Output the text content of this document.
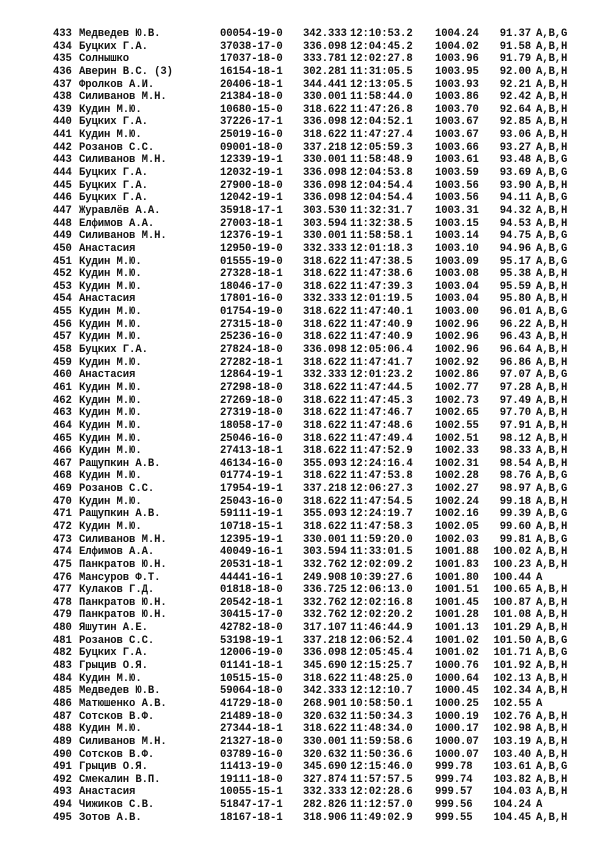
433 Медведев Ю.В.	00054-19-0 342.333 12:10:53.2 1004.24	91.37 A,B,G
434 Буцких Г.А.	37038-17-0 336.098 12:04:45.2 1004.02	91.58 A,B,H
435 Солнышко	17037-18-0 333.781 12:02:27.8 1003.96	91.79 A,B,H
436 Аверин В.С. (3)	16154-18-1 302.281 11:31:05.5 1003.95	92.00 A,B,H
437 Фролков А.И.	20406-18-1 344.441 12:13:05.5 1003.93	92.21 A,B,H
438 Силиванов М.Н.	21384-18-0 330.001 11:58:44.0 1003.86	92.42 A,B,H
439 Кудин М.Ю.	10680-15-0 318.622 11:47:26.8 1003.70	92.64 A,B,H
440 Буцких Г.А.	37226-17-1 336.098 12:04:52.1 1003.67	92.85 A,B,H
441 Кудин М.Ю.	25019-16-0 318.622 11:47:27.4 1003.67	93.06 A,B,H
442 Розанов С.С.	09001-18-0 337.218 12:05:59.3 1003.66	93.27 A,B,H
443 Силиванов М.Н.	12339-19-1 330.001 11:58:48.9 1003.61	93.48 A,B,G
444 Буцких Г.А.	12032-19-1 336.098 12:04:53.8 1003.59	93.69 A,B,G
445 Буцких Г.А.	27900-18-0 336.098 12:04:54.4 1003.56	93.90 A,B,H
446 Буцких Г.А.	12042-19-1 336.098 12:04:54.4 1003.56	94.11 A,B,G
447 Журавлёв А.А.	35918-17-1 303.530 11:32:31.7 1003.31	94.32 A,B,H
448 Елфимов А.А.	27003-18-1 303.594 11:32:38.5 1003.15	94.53 A,B,H
449 Силиванов М.Н.	12376-19-1 330.001 11:58:58.1 1003.14	94.75 A,B,G
450 Анастасия	12950-19-0 332.333 12:01:18.3 1003.10	94.96 A,B,G
451 Кудин М.Ю.	01555-19-0 318.622 11:47:38.5 1003.09	95.17 A,B,G
452 Кудин М.Ю.	27328-18-1 318.622 11:47:38.6 1003.08	95.38 A,B,H
453 Кудин М.Ю.	18046-17-0 318.622 11:47:39.3 1003.04	95.59 A,B,H
454 Анастасия	17801-16-0 332.333 12:01:19.5 1003.04	95.80 A,B,H
455 Кудин М.Ю.	01754-19-0 318.622 11:47:40.1 1003.00	96.01 A,B,G
456 Кудин М.Ю.	27315-18-0 318.622 11:47:40.9 1002.96	96.22 A,B,H
457 Кудин М.Ю.	25236-16-0 318.622 11:47:40.9 1002.96	96.43 A,B,H
458 Буцких Г.А.	27824-18-0 336.098 12:05:06.4 1002.96	96.64 A,B,H
459 Кудин М.Ю.	27282-18-1 318.622 11:47:41.7 1002.92	96.86 A,B,H
460 Анастасия	12864-19-1 332.333 12:01:23.2 1002.86	97.07 A,B,G
461 Кудин М.Ю.	27298-18-0 318.622 11:47:44.5 1002.77	97.28 A,B,H
462 Кудин М.Ю.	27269-18-0 318.622 11:47:45.3 1002.73	97.49 A,B,H
463 Кудин М.Ю.	27319-18-0 318.622 11:47:46.7 1002.65	97.70 A,B,H
464 Кудин М.Ю.	18058-17-0 318.622 11:47:48.6 1002.55	97.91 A,B,H
465 Кудин М.Ю.	25046-16-0 318.622 11:47:49.4 1002.51	98.12 A,B,H
466 Кудин М.Ю.	27413-18-1 318.622 11:47:52.9 1002.33	98.33 A,B,H
467 Ращупкин А.В.	46134-16-0 355.093 12:24:16.4 1002.31	98.54 A,B,H
468 Кудин М.Ю.	01774-19-1 318.622 11:47:53.8 1002.28	98.76 A,B,G
469 Розанов С.С.	17954-19-1 337.218 12:06:27.3 1002.27	98.97 A,B,G
470 Кудин М.Ю.	25043-16-0 318.622 11:47:54.5 1002.24	99.18 A,B,H
471 Ращупкин А.В.	59111-19-1 355.093 12:24:19.7 1002.16	99.39 A,B,G
472 Кудин М.Ю.	10718-15-1 318.622 11:47:58.3 1002.05	99.60 A,B,H
473 Силиванов М.Н.	12395-19-1 330.001 11:59:20.0 1002.03	99.81 A,B,G
474 Елфимов А.А.	40049-16-1 303.594 11:33:01.5 1001.88	100.02 A,B,H
475 Панкратов Ю.Н.	20531-18-1 332.762 12:02:09.2 1001.83	100.23 A,B,H
476 Мансуров Ф.Т.	44441-16-1 249.908 10:39:27.6 1001.80	100.44 A
477 Кулаков Г.Д.	01818-18-0 336.725 12:06:13.0 1001.51	100.65 A,B,H
478 Панкратов Ю.Н.	20542-18-1 332.762 12:02:16.8 1001.45	100.87 A,B,H
479 Панкратов Ю.Н.	30415-17-0 332.762 12:02:20.2 1001.28	101.08 A,B,H
480 Яшутин А.Е.	42782-18-0 317.107 11:46:44.9 1001.13	101.29 A,B,H
481 Розанов С.С.	53198-19-1 337.218 12:06:52.4 1001.02	101.50 A,B,G
482 Буцких Г.А.	12006-19-0 336.098 12:05:45.4 1001.02	101.71 A,B,G
483 Грыцив О.Я.	01141-18-1 345.690 12:15:25.7 1000.76	101.92 A,B,H
484 Кудин М.Ю.	10515-15-0 318.622 11:48:25.0 1000.64	102.13 A,B,H
485 Медведев Ю.В.	59064-18-0 342.333 12:12:10.7 1000.45	102.34 A,B,H
486 Матюшенко А.В.	41729-18-0 268.901 10:58:50.1 1000.25	102.55 A
487 Сотсков В.Ф.	21489-18-0 320.632 11:50:34.3 1000.19	102.76 A,B,H
488 Кудин М.Ю.	27344-18-1 318.622 11:48:34.0 1000.17	102.98 A,B,H
489 Силиванов М.Н.	21327-18-0 330.001 11:59:58.6 1000.07	103.19 A,B,H
490 Сотсков В.Ф.	03789-16-0 320.632 11:50:36.6 1000.07	103.40 A,B,H
491 Грыцив О.Я.	11413-19-0 345.690 12:15:46.0 999.78	103.61 A,B,G
492 Смекалин В.П.	19111-18-0 327.874 11:57:57.5 999.74	103.82 A,B,H
493 Анастасия	10055-15-1 332.333 12:02:28.6 999.57	104.03 A,B,H
494 Чижиков С.В.	51847-17-1 282.826 11:12:57.0 999.56	104.24 A
495 Зотов А.В.	18167-18-1 318.906 11:49:02.9 999.55	104.45 A,B,H
